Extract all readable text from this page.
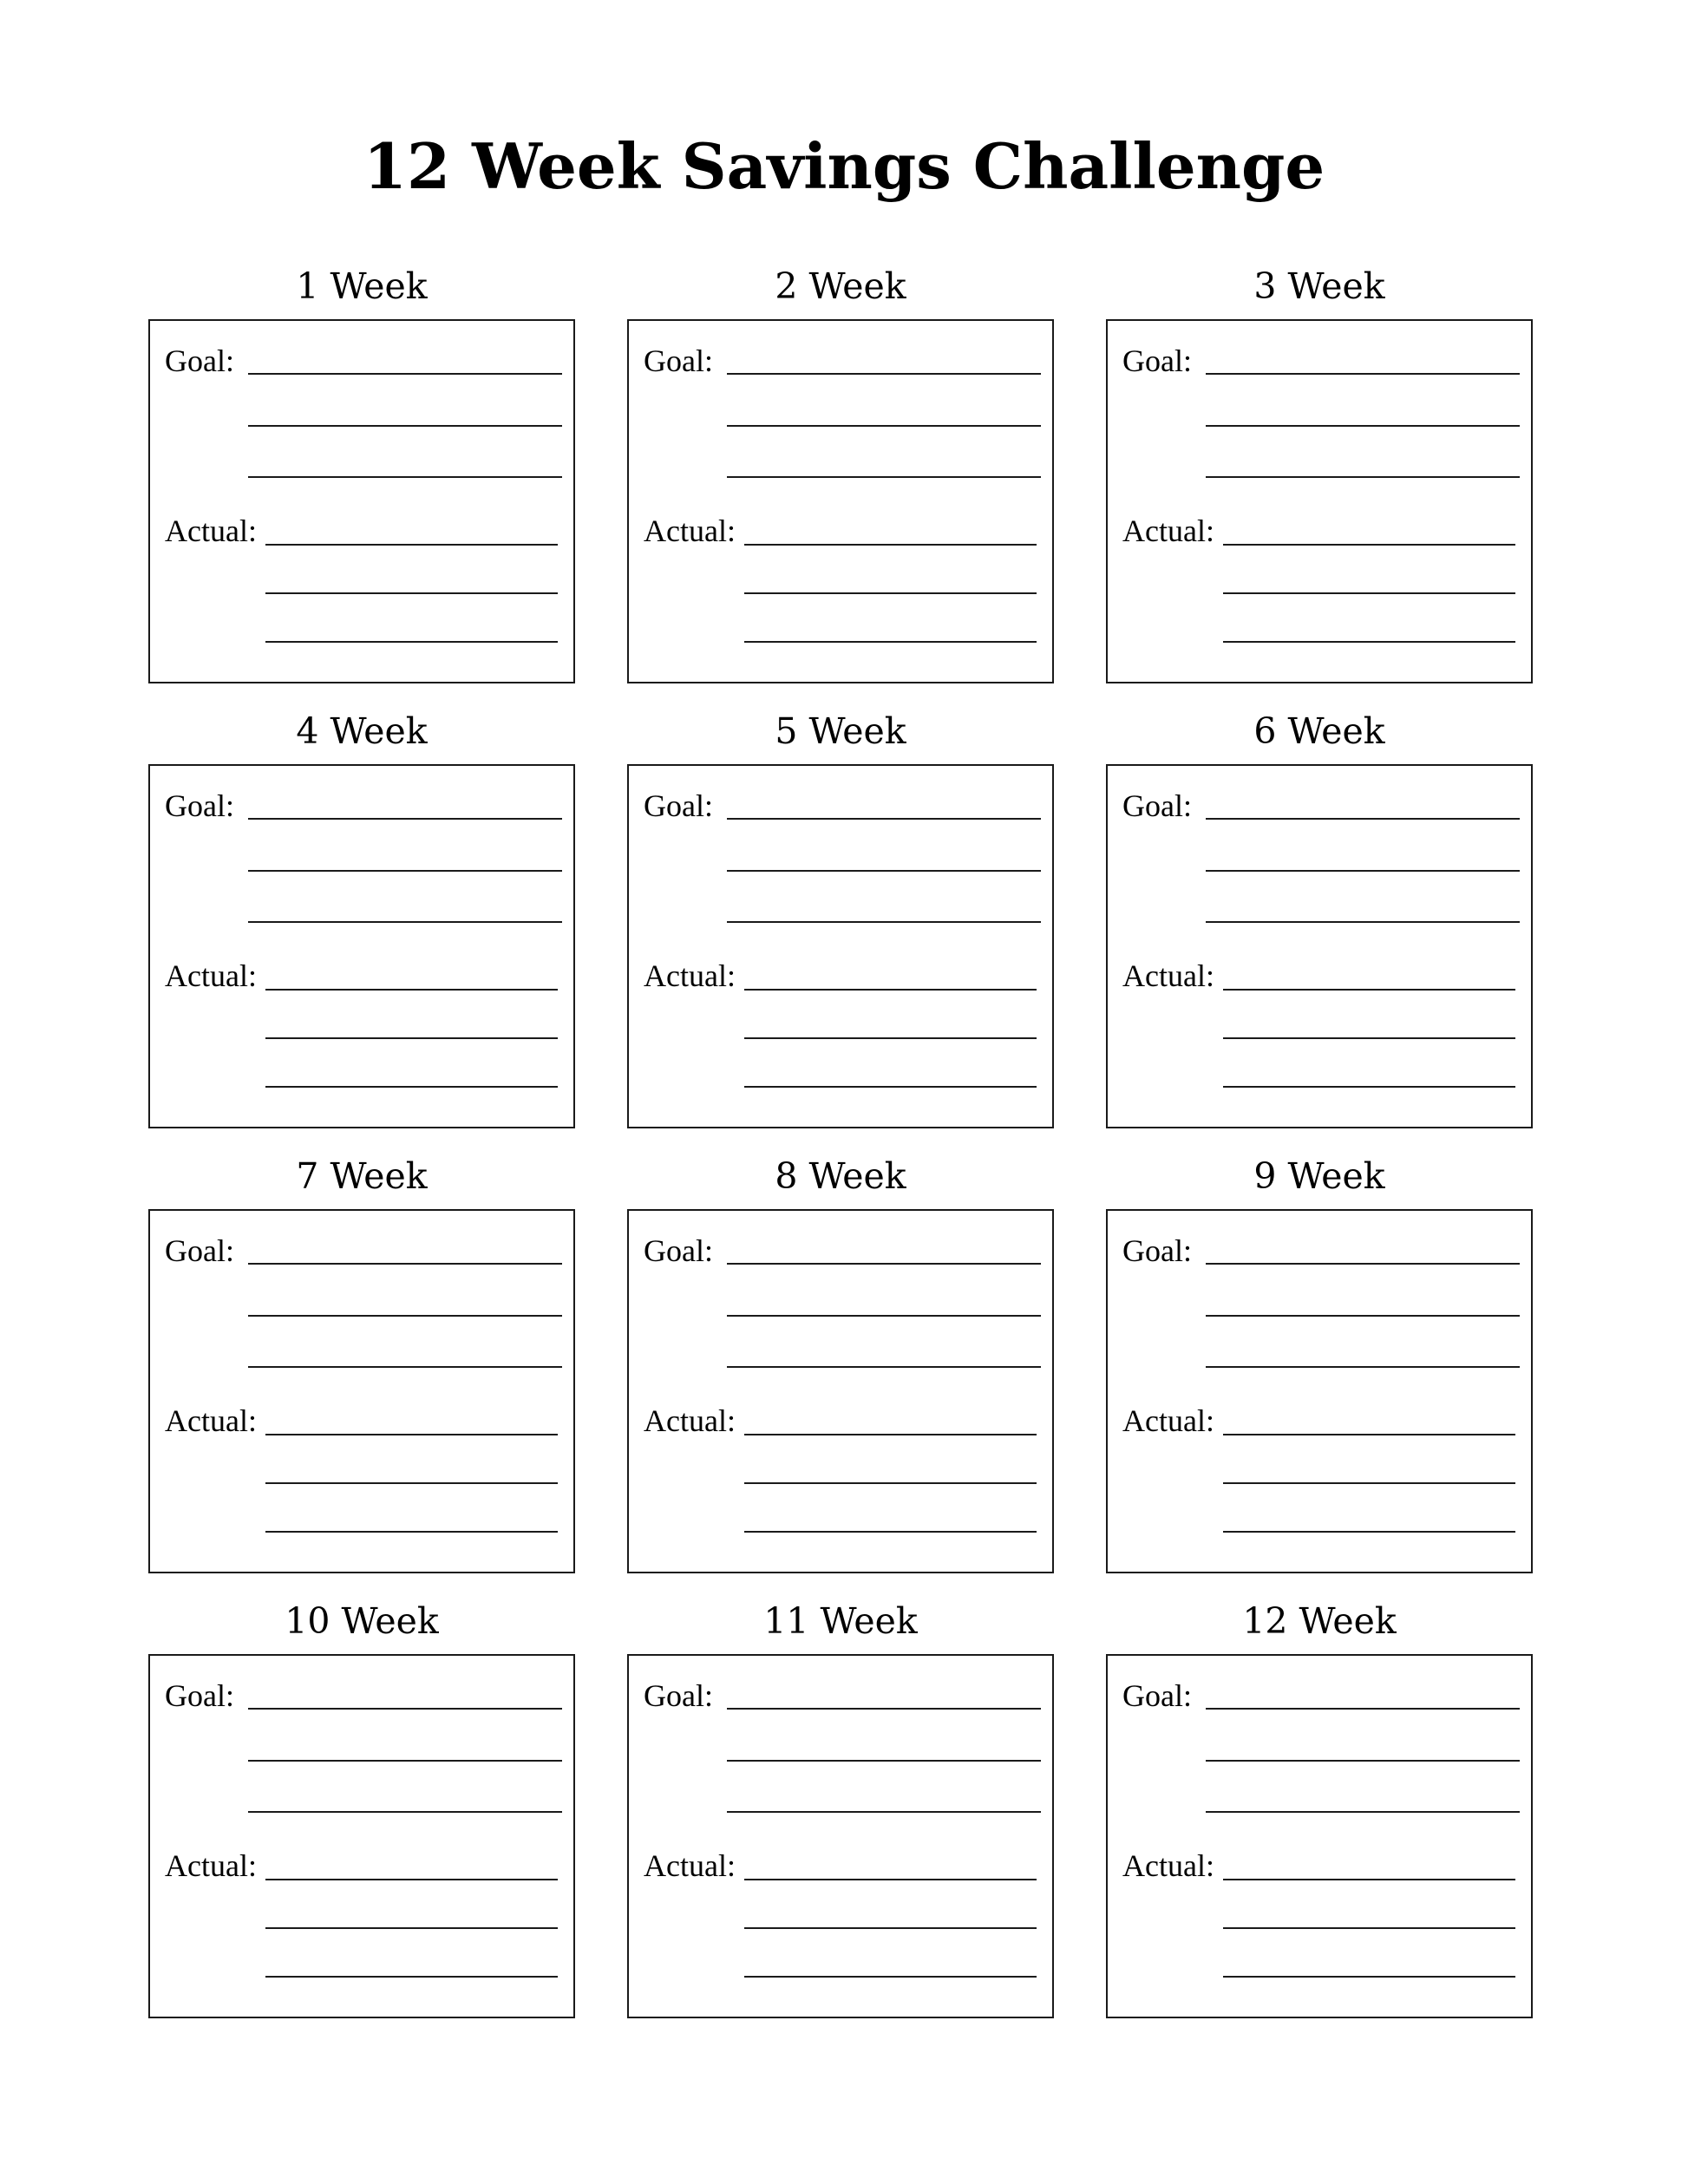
12 Week Savings Challenge
1 Week
Goal:
Actual:
2 Week
Goal:
Actual:
3 Week
Goal:
Actual:
4 Week
Goal:
Actual:
5 Week
Goal:
Actual:
6 Week
Goal:
Actual:
7 Week
Goal:
Actual:
8 Week
Goal:
Actual:
9 Week
Goal:
Actual:
10 Week
Goal:
Actual:
11 Week
Goal:
Actual:
12 Week
Goal:
Actual:
